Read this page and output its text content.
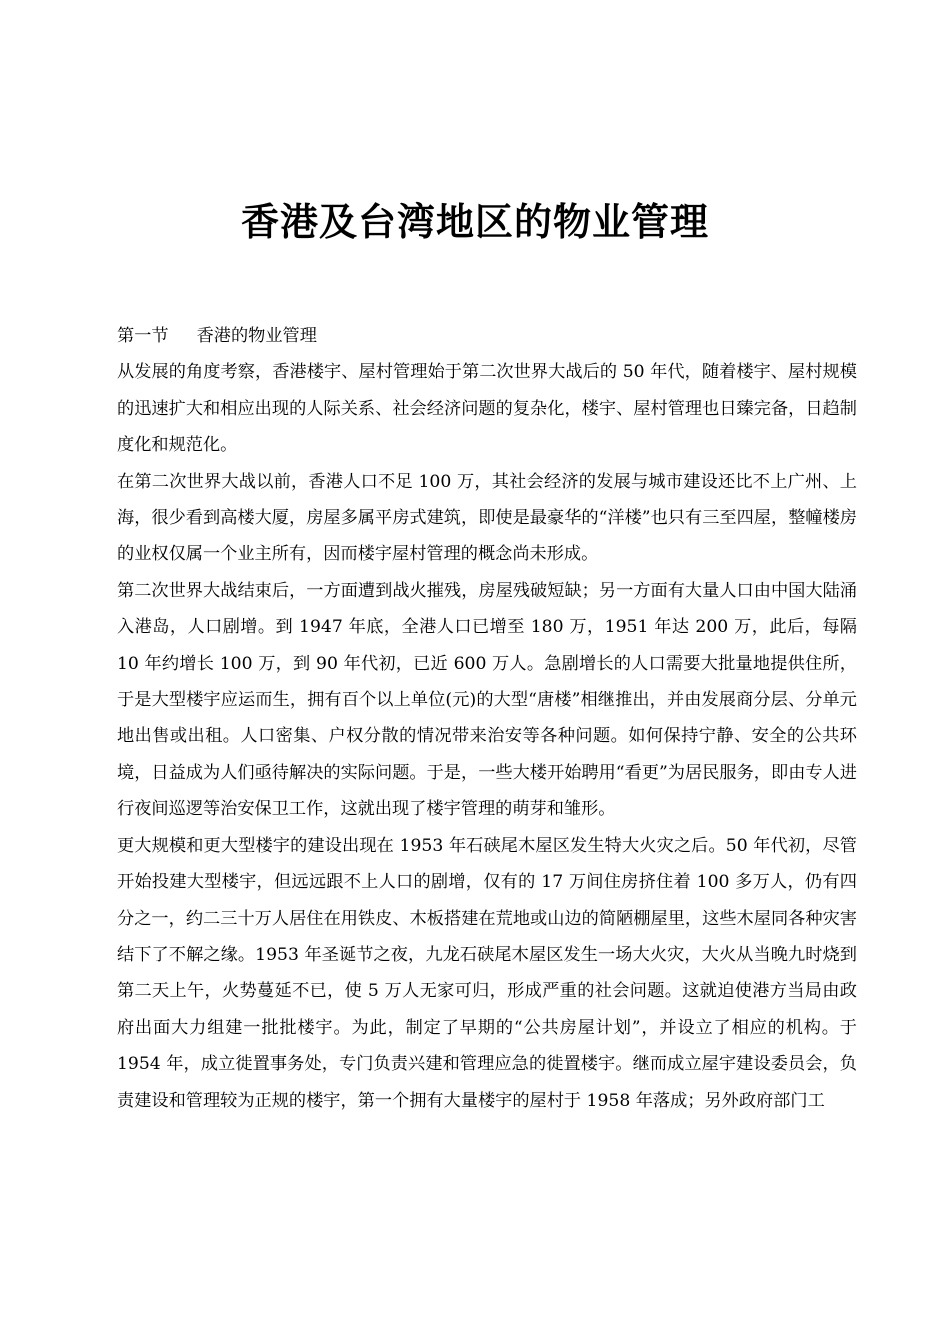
香港及台湾地区的物业管理

第一节 香港的物业管理

从发展的角度考察，香港楼宇、屋村管理始于第二次世界大战后的 50 年代，随着楼宇、屋村规模的迅速扩大和相应出现的人际关系、社会经济问题的复杂化，楼宇、屋村管理也日臻完备，日趋制度化和规范化。

在第二次世界大战以前，香港人口不足 100 万，其社会经济的发展与城市建设还比不上广州、上海，很少看到高楼大厦，房屋多属平房式建筑，即使是最豪华的“洋楼”也只有三至四屋，整幢楼房的业权仅属一个业主所有，因而楼宇屋村管理的概念尚未形成。

第二次世界大战结束后，一方面遭到战火摧残，房屋残破短缺；另一方面有大量人口由中国大陆涌入港岛，人口剧增。到 1947 年底，全港人口已增至 180 万，1951 年达 200 万，此后，每隔 10 年约增长 100 万，到 90 年代初，已近 600 万人。急剧增长的人口需要大批量地提供住所，于是大型楼宇应运而生，拥有百个以上单位(元)的大型“唐楼”相继推出，并由发展商分层、分单元地出售或出租。人口密集、户权分散的情况带来治安等各种问题。如何保持宁静、安全的公共环境，日益成为人们亟待解决的实际问题。于是，一些大楼开始聘用“看更”为居民服务，即由专人进行夜间巡逻等治安保卫工作，这就出现了楼宇管理的萌芽和雏形。

更大规模和更大型楼宇的建设出现在 1953 年石硖尾木屋区发生特大火灾之后。50 年代初，尽管开始投建大型楼宇，但远远跟不上人口的剧增，仅有的 17 万间住房挤住着 100 多万人，仍有四分之一，约二三十万人居住在用铁皮、木板搭建在荒地或山边的简陋棚屋里，这些木屋同各种灾害结下了不解之缘。1953 年圣诞节之夜，九龙石硖尾木屋区发生一场大火灾，大火从当晚九时烧到第二天上午，火势蔓延不已，使 5 万人无家可归，形成严重的社会问题。这就迫使港方当局由政府出面大力组建一批批楼宇。为此，制定了早期的“公共房屋计划”，并设立了相应的机构。于 1954 年，成立徙置事务处，专门负责兴建和管理应急的徙置楼宇。继而成立屋宇建设委员会，负责建设和管理较为正规的楼宇，第一个拥有大量楼宇的屋村于 1958 年落成；另外政府部门工
